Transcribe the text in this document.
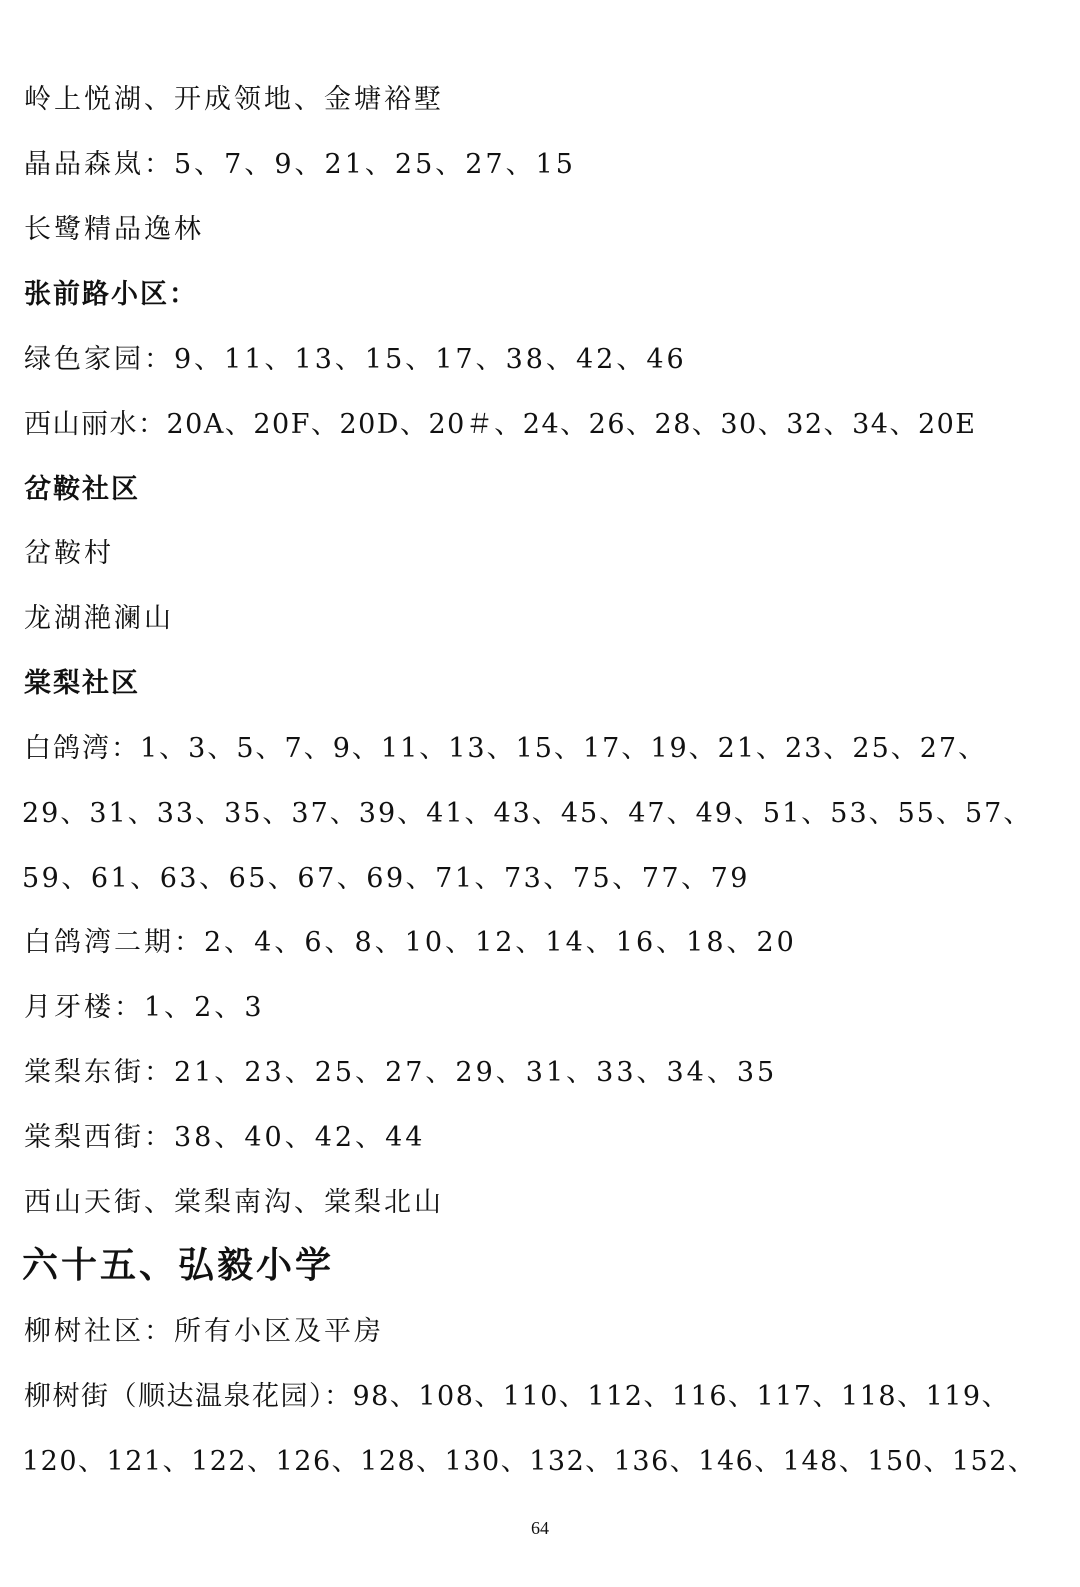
岭上悦湖、开成领地、金塘裕墅
晶品森岚：5、7、9、21、25、27、15
长鹭精品逸林
张前路小区：
绿色家园：9、11、13、15、17、38、42、46
西山丽水：20A、20F、20D、20＃、24、26、28、30、32、34、20E
岔鞍社区
岔鞍村
龙湖滟澜山
棠梨社区
白鸽湾：1、3、5、7、9、11、13、15、17、19、21、23、25、27、
29、31、33、35、37、39、41、43、45、47、49、51、53、55、57、
59、61、63、65、67、69、71、73、75、77、79
白鸽湾二期：2、4、6、8、10、12、14、16、18、20
月牙楼：1、2、3
棠梨东街：21、23、25、27、29、31、33、34、35
棠梨西街：38、40、42、44
西山天街、棠梨南沟、棠梨北山
六十五、弘毅小学
柳树社区：所有小区及平房
柳树街（顺达温泉花园）：98、108、110、112、116、117、118、119、
120、121、122、126、128、130、132、136、146、148、150、152、
64
